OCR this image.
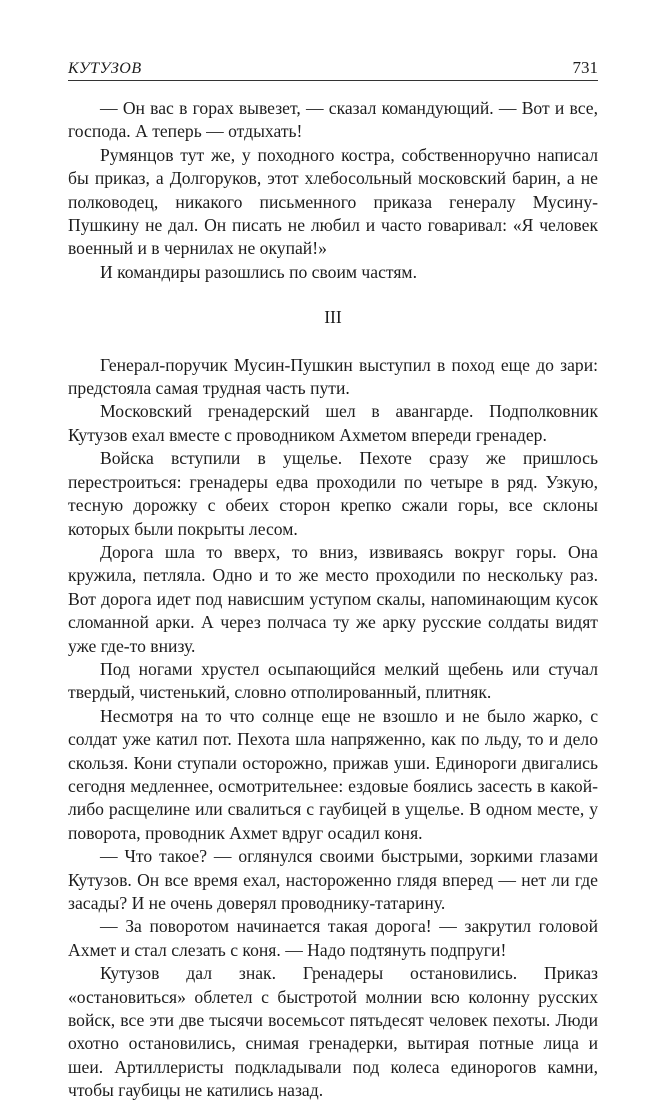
КУТУЗОВ	731

— Он вас в горах вывезет, — сказал командующий. — Вот и все, господа. А теперь — отдыхать!

Румянцов тут же, у походного костра, собственноручно написал бы приказ, а Долгоруков, этот хлебосольный московский барин, а не полководец, никакого письменного приказа генералу Мусину-Пушкину не дал. Он писать не любил и часто говаривал: «Я человек военный и в чернилах не окупай!»

И командиры разошлись по своим частям.

III

Генерал-поручик Мусин-Пушкин выступил в поход еще до зари: предстояла самая трудная часть пути.

Московский гренадерский шел в авангарде. Подполковник Кутузов ехал вместе с проводником Ахметом впереди гренадер.

Войска вступили в ущелье. Пехоте сразу же пришлось перестроиться: гренадеры едва проходили по четыре в ряд. Узкую, тесную дорожку с обеих сторон крепко сжали горы, все склоны которых были покрыты лесом.

Дорога шла то вверх, то вниз, извиваясь вокруг горы. Она кружила, петляла. Одно и то же место проходили по нескольку раз. Вот дорога идет под нависшим уступом скалы, напоминающим кусок сломанной арки. А через полчаса ту же арку русские солдаты видят уже где-то внизу.

Под ногами хрустел осыпающийся мелкий щебень или стучал твердый, чистенький, словно отполированный, плитняк.

Несмотря на то что солнце еще не взошло и не было жарко, с солдат уже катил пот. Пехота шла напряженно, как по льду, то и дело скользя. Кони ступали осторожно, прижав уши. Единороги двигались сегодня медленнее, осмотрительнее: ездовые боялись засесть в какой-либо расщелине или свалиться с гаубицей в ущелье. В одном месте, у поворота, проводник Ахмет вдруг осадил коня.

— Что такое? — оглянулся своими быстрыми, зоркими глазами Кутузов. Он все время ехал, настороженно глядя вперед — нет ли где засады? И не очень доверял проводнику-татарину.

— За поворотом начинается такая дорога! — закрутил головой Ахмет и стал слезать с коня. — Надо подтянуть подпруги!

Кутузов дал знак. Гренадеры остановились. Приказ «остановиться» облетел с быстротой молнии всю колонну русских войск, все эти две тысячи восемьсот пятьдесят человек пехоты. Люди охотно остановились, снимая гренадерки, вытирая потные лица и шеи. Артиллеристы подкладывали под колеса единорогов камни, чтобы гаубицы не катились назад.
